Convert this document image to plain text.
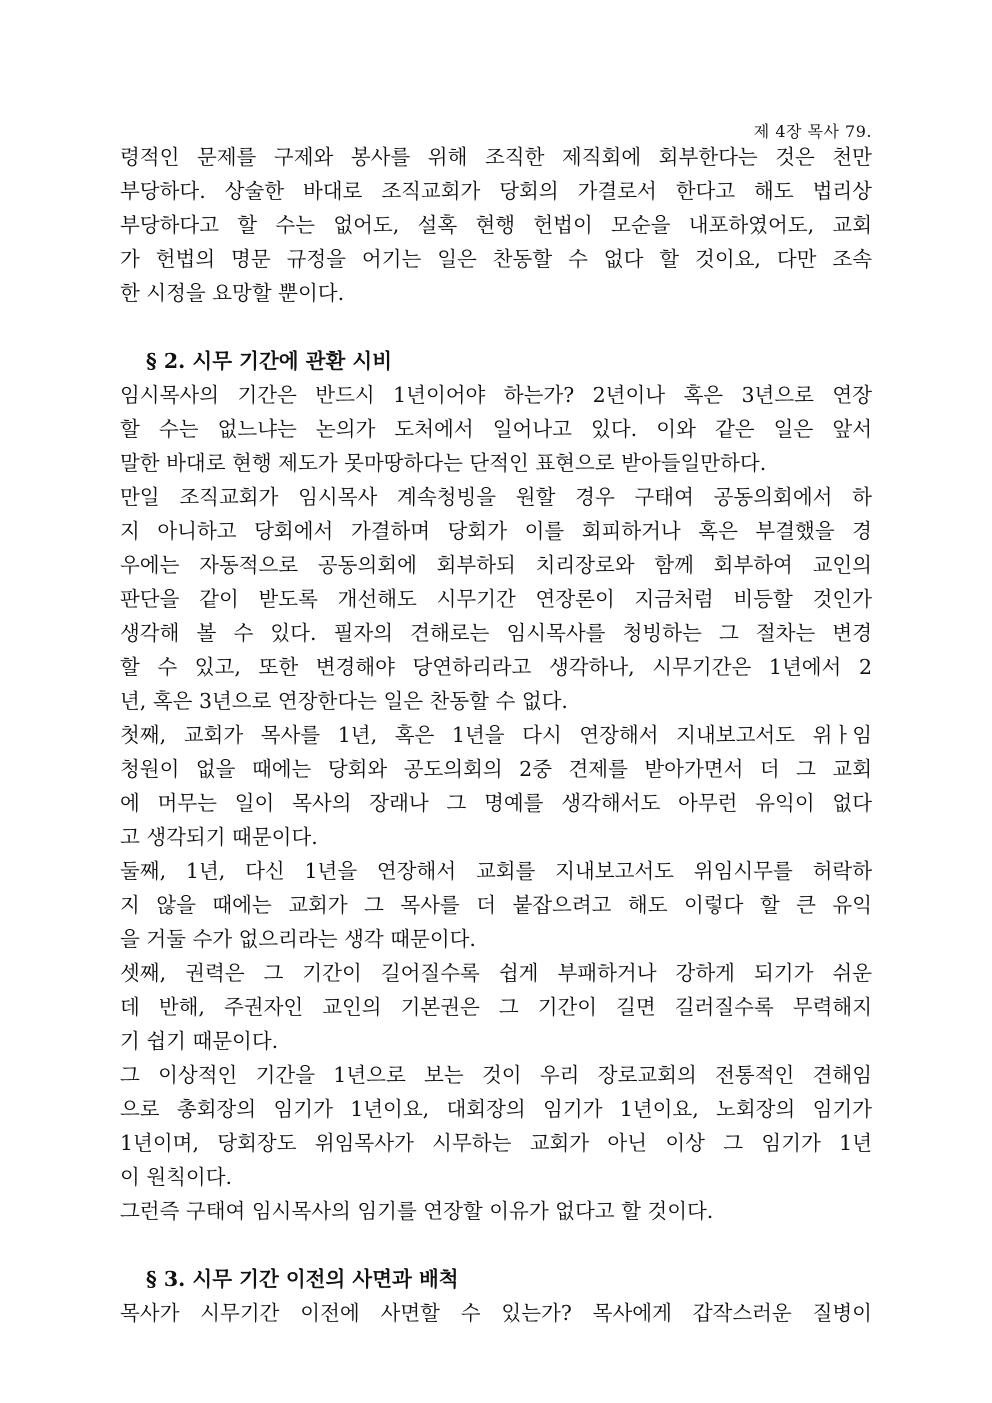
제 4장 목사 79.
령적인 문제를 구제와 봉사를 위해 조직한 제직회에 회부한다는 것은 천만
부당하다. 상술한 바대로 조직교회가 당회의 가결로서 한다고 해도 법리상
부당하다고 할 수는 없어도, 설혹 현행 헌법이 모순을 내포하였어도, 교회
가 헌법의 명문 규정을 어기는 일은 찬동할 수 없다 할 것이요, 다만 조속
한 시정을 요망할 뿐이다.
§ 2. 시무 기간에 관환 시비
임시목사의 기간은 반드시 1년이어야 하는가? 2년이나 혹은 3년으로 연장
할 수는 없느냐는 논의가 도처에서 일어나고 있다. 이와 같은 일은 앞서
말한 바대로 현행 제도가 못마땅하다는 단적인 표현으로 받아들일만하다.
만일 조직교회가 임시목사 계속청빙을 원할 경우 구태여 공동의회에서 하
지 아니하고 당회에서 가결하며 당회가 이를 회피하거나 혹은 부결했을 경
우에는 자동적으로 공동의회에 회부하되 치리장로와 함께 회부하여 교인의
판단을 같이 받도록 개선해도 시무기간 연장론이 지금처럼 비등할 것인가
생각해 볼 수 있다. 필자의 견해로는 임시목사를 청빙하는 그 절차는 변경
할 수 있고, 또한 변경해야 당연하리라고 생각하나, 시무기간은 1년에서 2
년, 혹은 3년으로 연장한다는 일은 찬동할 수 없다.
첫째, 교회가 목사를 1년, 혹은 1년을 다시 연장해서 지내보고서도 위ㅏ임
청원이 없을 때에는 당회와 공도의회의 2중 견제를 받아가면서 더 그 교회
에 머무는 일이 목사의 장래나 그 명예를 생각해서도 아무런 유익이 없다
고 생각되기 때문이다.
둘째, 1년, 다신 1년을 연장해서 교회를 지내보고서도 위임시무를 허락하
지 않을 때에는 교회가 그 목사를 더 붙잡으려고 해도 이렇다 할 큰 유익
을 거둘 수가 없으리라는 생각 때문이다.
셋째, 권력은 그 기간이 길어질수록 쉽게 부패하거나 강하게 되기가 쉬운
데 반해, 주권자인 교인의 기본권은 그 기간이 길면 길러질수록 무력해지
기 쉽기 때문이다.
그 이상적인 기간을 1년으로 보는 것이 우리 장로교회의 전통적인 견해임
으로 총회장의 임기가 1년이요, 대회장의 임기가 1년이요, 노회장의 임기가
1년이며, 당회장도 위임목사가 시무하는 교회가 아닌 이상 그 임기가 1년
이 원칙이다.
그런즉 구태여 임시목사의 임기를 연장할 이유가 없다고 할 것이다.
§ 3. 시무 기간 이전의 사면과 배척
목사가 시무기간 이전에 사면할 수 있는가? 목사에게 갑작스러운 질병이
